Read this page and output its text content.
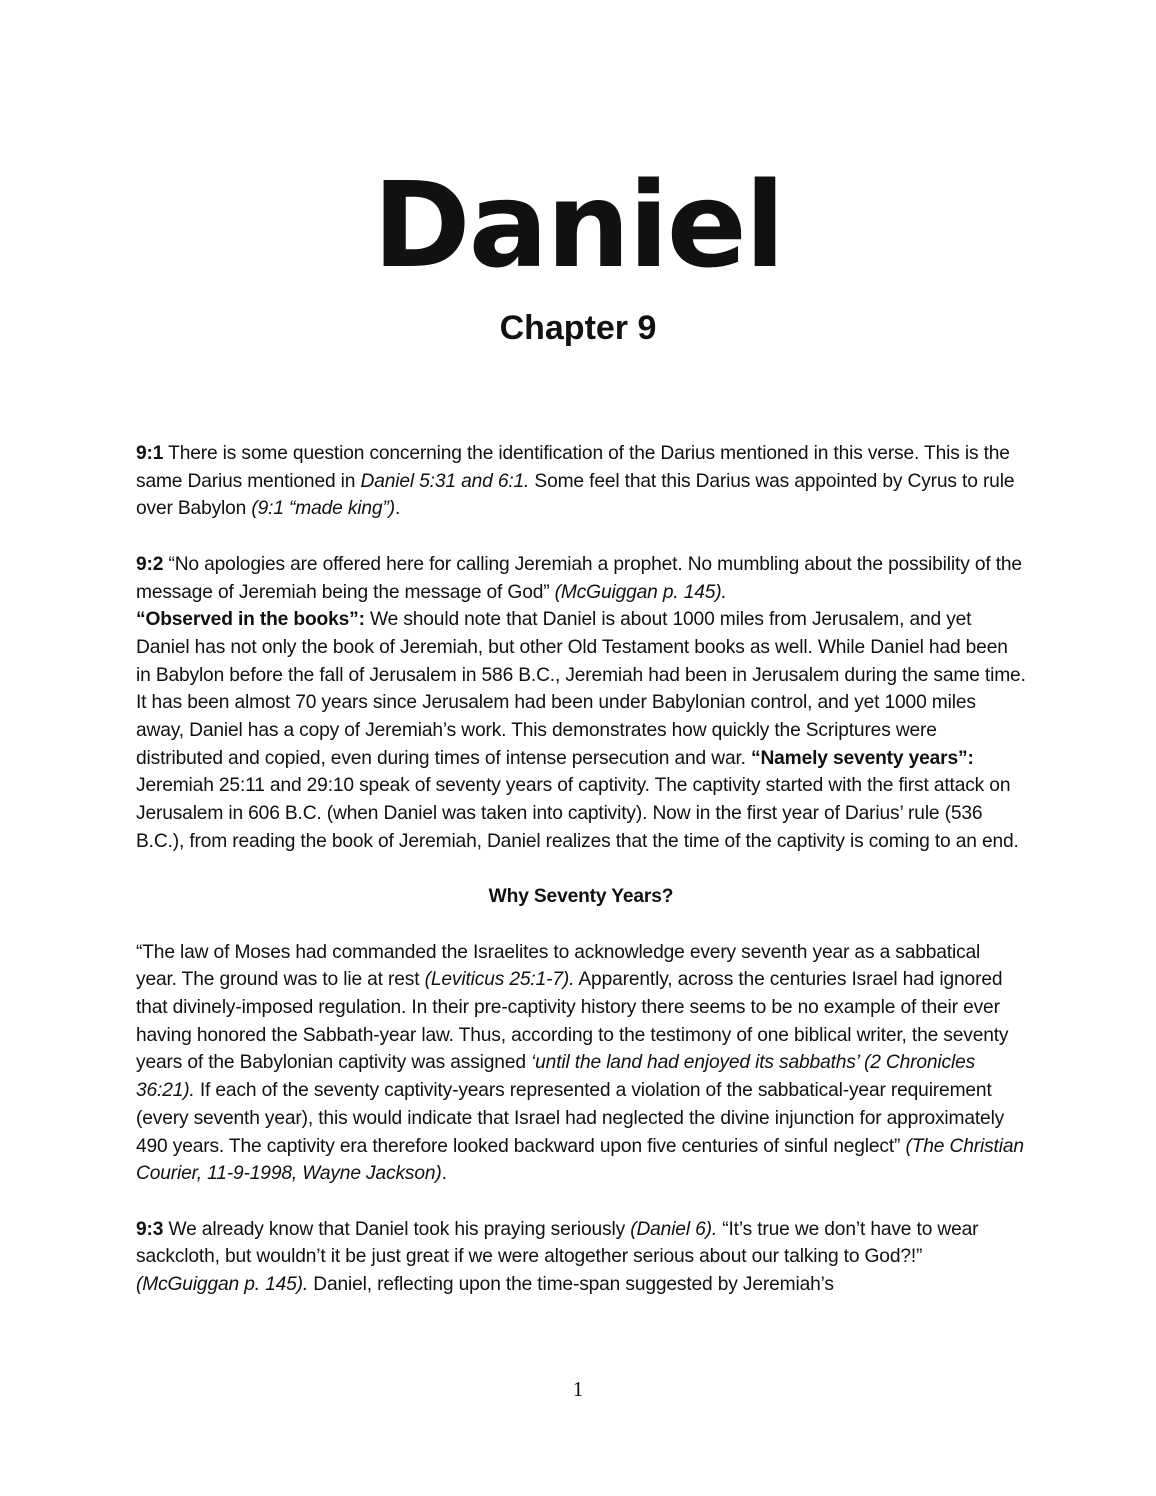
Daniel
Chapter 9

9:1 There is some question concerning the identification of the Darius mentioned in this verse. This is the same Darius mentioned in Daniel 5:31 and 6:1. Some feel that this Darius was appointed by Cyrus to rule over Babylon (9:1 “made king”).

9:2 “No apologies are offered here for calling Jeremiah a prophet. No mumbling about the possibility of the message of Jeremiah being the message of God” (McGuiggan p. 145).
“Observed in the books”: We should note that Daniel is about 1000 miles from Jerusalem, and yet Daniel has not only the book of Jeremiah, but other Old Testament books as well. While Daniel had been in Babylon before the fall of Jerusalem in 586 B.C., Jeremiah had been in Jerusalem during the same time. It has been almost 70 years since Jerusalem had been under Babylonian control, and yet 1000 miles away, Daniel has a copy of Jeremiah’s work. This demonstrates how quickly the Scriptures were distributed and copied, even during times of intense persecution and war. “Namely seventy years”: Jeremiah 25:11 and 29:10 speak of seventy years of captivity. The captivity started with the first attack on Jerusalem in 606 B.C. (when Daniel was taken into captivity). Now in the first year of Darius’ rule (536 B.C.), from reading the book of Jeremiah, Daniel realizes that the time of the captivity is coming to an end.

Why Seventy Years?

“The law of Moses had commanded the Israelites to acknowledge every seventh year as a sabbatical year. The ground was to lie at rest (Leviticus 25:1-7). Apparently, across the centuries Israel had ignored that divinely-imposed regulation. In their pre-captivity history there seems to be no example of their ever having honored the Sabbath-year law. Thus, according to the testimony of one biblical writer, the seventy years of the Babylonian captivity was assigned ‘until the land had enjoyed its sabbaths’ (2 Chronicles 36:21). If each of the seventy captivity-years represented a violation of the sabbatical-year requirement (every seventh year), this would indicate that Israel had neglected the divine injunction for approximately 490 years. The captivity era therefore looked backward upon five centuries of sinful neglect” (The Christian Courier, 11-9-1998, Wayne Jackson).

9:3 We already know that Daniel took his praying seriously (Daniel 6). “It’s true we don’t have to wear sackcloth, but wouldn’t it be just great if we were altogether serious about our talking to God?!” (McGuiggan p. 145). Daniel, reflecting upon the time-span suggested by Jeremiah’s

1
